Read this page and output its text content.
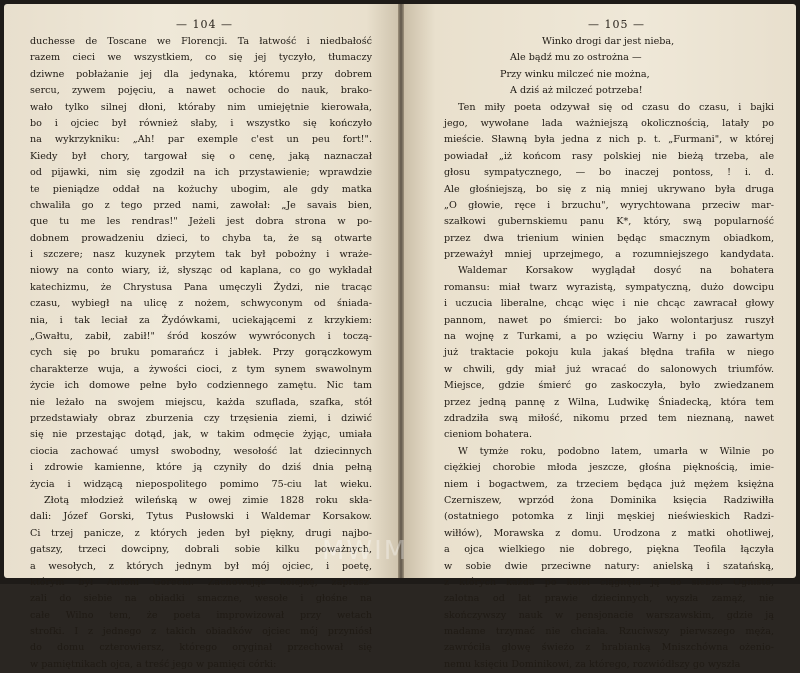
— 104 —
duchesse de Toscane we Florencji. Ta łatwość i niedbałość
razem cieci we wszystkiem, co się jej tyczyło, tłumaczy
dziwne pobłażanie jej dla jedynaka, któremu przy dobrem
sercu, zywem pojęciu, a nawet ochocie do nauk, brako-
wało tylko silnej dłoni, któraby nim umiejętnie kierowała,
bo i ojciec był również słaby, i wszystko się kończyło
na wykrzykniku: „Ah! par exemple c'est un peu fort!".
Kiedy był chory, targował się o cenę, jaką naznaczał
od pijawki, nim się zgodził na ich przystawienie; wprawdzie
te pieniądze oddał na kożuchy ubogim, ale gdy matka
chwaliła go z tego przed nami, zawołał: „Je savais bien,
que tu me les rendras!" Jeżeli jest dobra strona w po-
dobnem prowadzeniu dzieci, to chyba ta, że są otwarte
i szczere; nasz kuzynek przytem tak był pobożny i wraże-
niowy na conto wiary, iż, słysząc od kaplana, co go wykładał
katechizmu, że Chrystusa Pana umęczyli Żydzi, nie tracąc
czasu, wybiegł na ulicę z nożem, schwyconym od śniada-
nia, i tak leciał za Żydówkami, uciekającemi z krzykiem:
„Gwałtu, zabił, zabił!" śród koszów wywróconych i toczą-
cych się po bruku pomarańcz i jabłek. Przy gorączkowym
charakterze wuja, a żywości cioci, z tym synem swawolnym
życie ich domowe pełne było codziennego zamętu. Nic tam
nie leżało na swojem miejscu, każda szuflada, szafka, stół
przedstawiały obraz zburzenia czy trzęsienia ziemi, i dziwić
się nie przestając dotąd, jak, w takim odmęcie żyjąc, umiała
ciocia zachować umysł swobodny, wesołość lat dziecinnych
i zdrowie kamienne, które ją czyniły do dziś dnia pełną
życia i widzącą niepospolitego pomimo 75-ciu lat wieku.
Złotą młodzież wileńską w owej zimie 1828 roku skła-
dali: Józef Gorski, Tytus Pusłowski i Waldemar Korsakow.
Ci trzej panicze, z których jeden był piękny, drugi najbo-
gatszy, trzeci dowcipny, dobrali sobie kilku poważnych,
a wesołych, z których jednym był mój ojciec, i poetę,
którym był Antoni Gorecki. Zachowując kolejkę, zaprasz-
zali do siebie na obiadki smaczne, wesołe i głośne na
całe Wilno tem, że poeta improwizował przy wetach
strofki. I z jednego z takich obiadków ojciec mój przyniósł
do domu czterowiersz, którego oryginał przechował się
w pamiętnikach ojca, a treść jego w pamięci córki:
— 105 —
Winko drogi dar jest nieba,
Ale bądź mu zo ostrożna —
Przy winku milczeć nie można,
A dziś aż milczeć potrzeba!
Ten miły poeta odzywał się od czasu do czasu, i bajki
jego, wywołane lada ważniejszą okolicznością, latały po
mieście. Sławną była jedna z nich p. t. „Furmani", w której
powiadał „iż końcom rasy polskiej nie bieżą trzeba, ale
głosu sympatycznego, — bo inaczej pontoss, ! i. d.
Ale głośniejszą, bo się z nią mniej ukrywano była druga
„O głowie, ręce i brzuchu", wyrychtowana przeciw mar-
szałkowi gubernskiemu panu K*, który, swą popularność
przez dwa trienium winien będąc smacznym obiadkom,
przeważył mniej uprzejmego, a rozumniejszego kandydata.
Waldemar Korsakow wyglądał dosyć na bohatera
romansu: miał twarz wyrazistą, sympatyczną, dużo dowcipu
i uczucia liberalne, chcąc więc i nie chcąc zawracał głowy
pannom, nawet po śmierci: bo jako wolontarjusz ruszył
na wojnę z Turkami, a po wzięciu Warny i po zawartym
już traktacie pokoju kula jakaś błędna trafiła w niego
w chwili, gdy miał już wracać do salonowych triumfów.
Miejsce, gdzie śmierć go zaskoczyła, było zwiedzanem
przez jedną pannę z Wilna, Ludwikę Śniadecką, która tem
zdradziła swą miłość, nikomu przed tem nieznaną, nawet
cieniom bohatera.
W tymże roku, podobno latem, umarła w Wilnie po
ciężkiej chorobie młoda jeszcze, głośna pięknością, imie-
niem i bogactwem, za trzeciem będąca już mężem księżna
Czerniszew, wprzód żona Dominika księcia Radziwiłła
(ostatniego potomka z linji męskiej nieświeskich Radzi-
wiłłów), Morawska z domu. Urodzona z matki ohotliwej,
a ojca wielkiego nie dobrego, piękna Teofila łączyła
w sobie dwie przeciwne natury: anielską i szatańską,
z których każda po kolei ciągnęła ją do siebie. Ogniste,
zalotna od lat prawie dziecinnych, wyszła zamąż, nie
skończywszy nauk w pensjonacie warszawskim, gdzie ją
madame trzymać nie chciała. Rzuciwszy pierwszego męża,
zawróciła głowę świeżo z hrabianką Mniszchówna ożenio-
nemu księciu Dominikowi, za którego, rozwiódłszy go wyszła
MWIM
